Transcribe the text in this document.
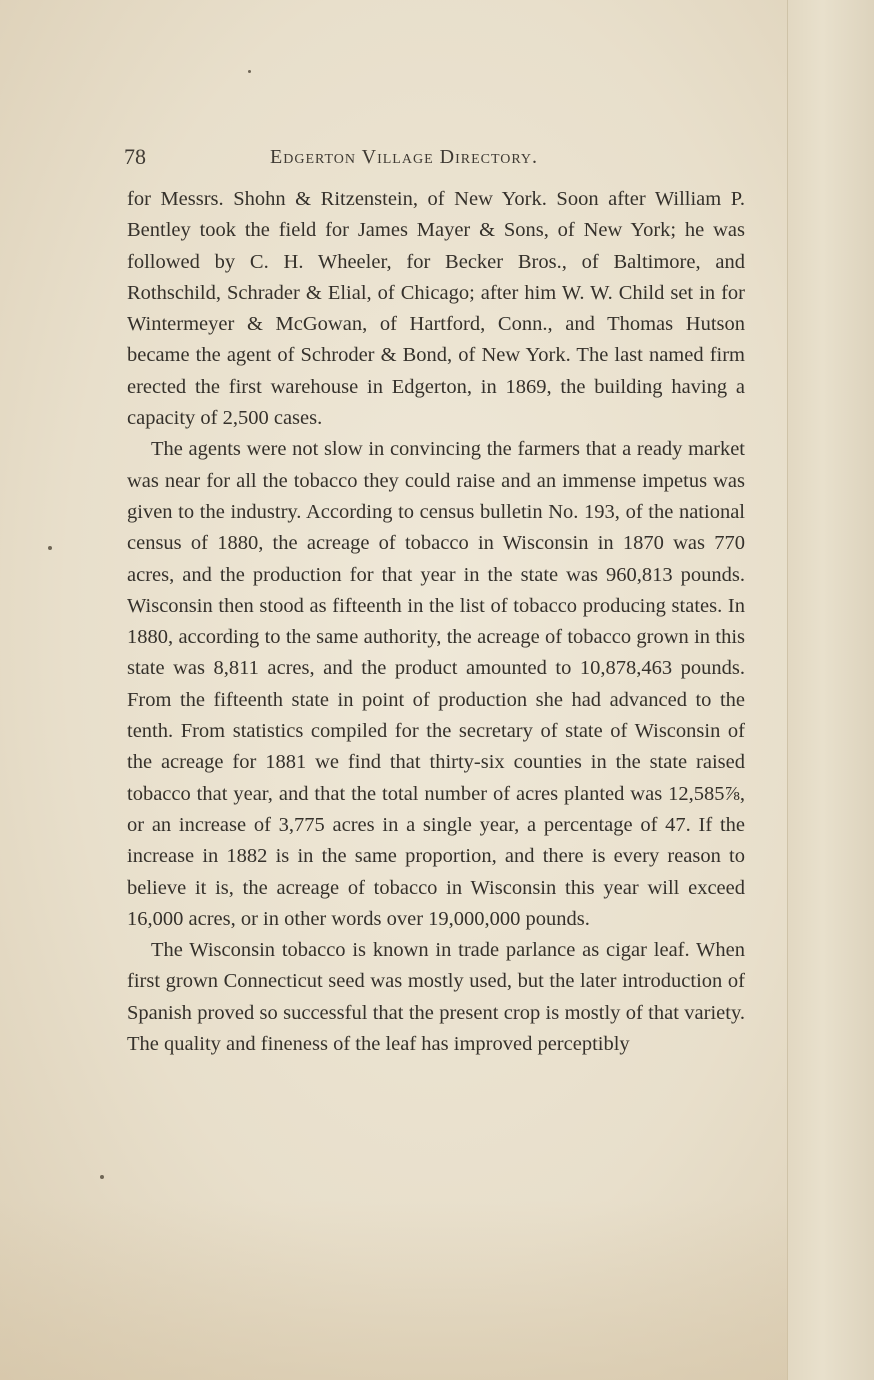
78	Edgerton Village Directory.

for Messrs. Shohn & Ritzenstein, of New York. Soon after William P. Bentley took the field for James Mayer & Sons, of New York; he was followed by C. H. Wheeler, for Becker Bros., of Baltimore, and Rothschild, Schrader & Elial, of Chicago; after him W. W. Child set in for Wintermeyer & McGowan, of Hartford, Conn., and Thomas Hutson became the agent of Schroder & Bond, of New York. The last named firm erected the first warehouse in Edgerton, in 1869, the building having a capacity of 2,500 cases.

The agents were not slow in convincing the farmers that a ready market was near for all the tobacco they could raise and an immense impetus was given to the industry. According to census bulletin No. 193, of the national census of 1880, the acreage of tobacco in Wisconsin in 1870 was 770 acres, and the production for that year in the state was 960,813 pounds. Wisconsin then stood as fifteenth in the list of tobacco producing states. In 1880, according to the same authority, the acreage of tobacco grown in this state was 8,811 acres, and the product amounted to 10,878,463 pounds. From the fifteenth state in point of production she had advanced to the tenth. From statistics compiled for the secretary of state of Wisconsin of the acreage for 1881 we find that thirty-six counties in the state raised tobacco that year, and that the total number of acres planted was 12,585⅞, or an increase of 3,775 acres in a single year, a percentage of 47. If the increase in 1882 is in the same proportion, and there is every reason to believe it is, the acreage of tobacco in Wisconsin this year will exceed 16,000 acres, or in other words over 19,000,000 pounds.

The Wisconsin tobacco is known in trade parlance as cigar leaf. When first grown Connecticut seed was mostly used, but the later introduction of Spanish proved so successful that the present crop is mostly of that variety. The quality and fineness of the leaf has improved perceptibly
